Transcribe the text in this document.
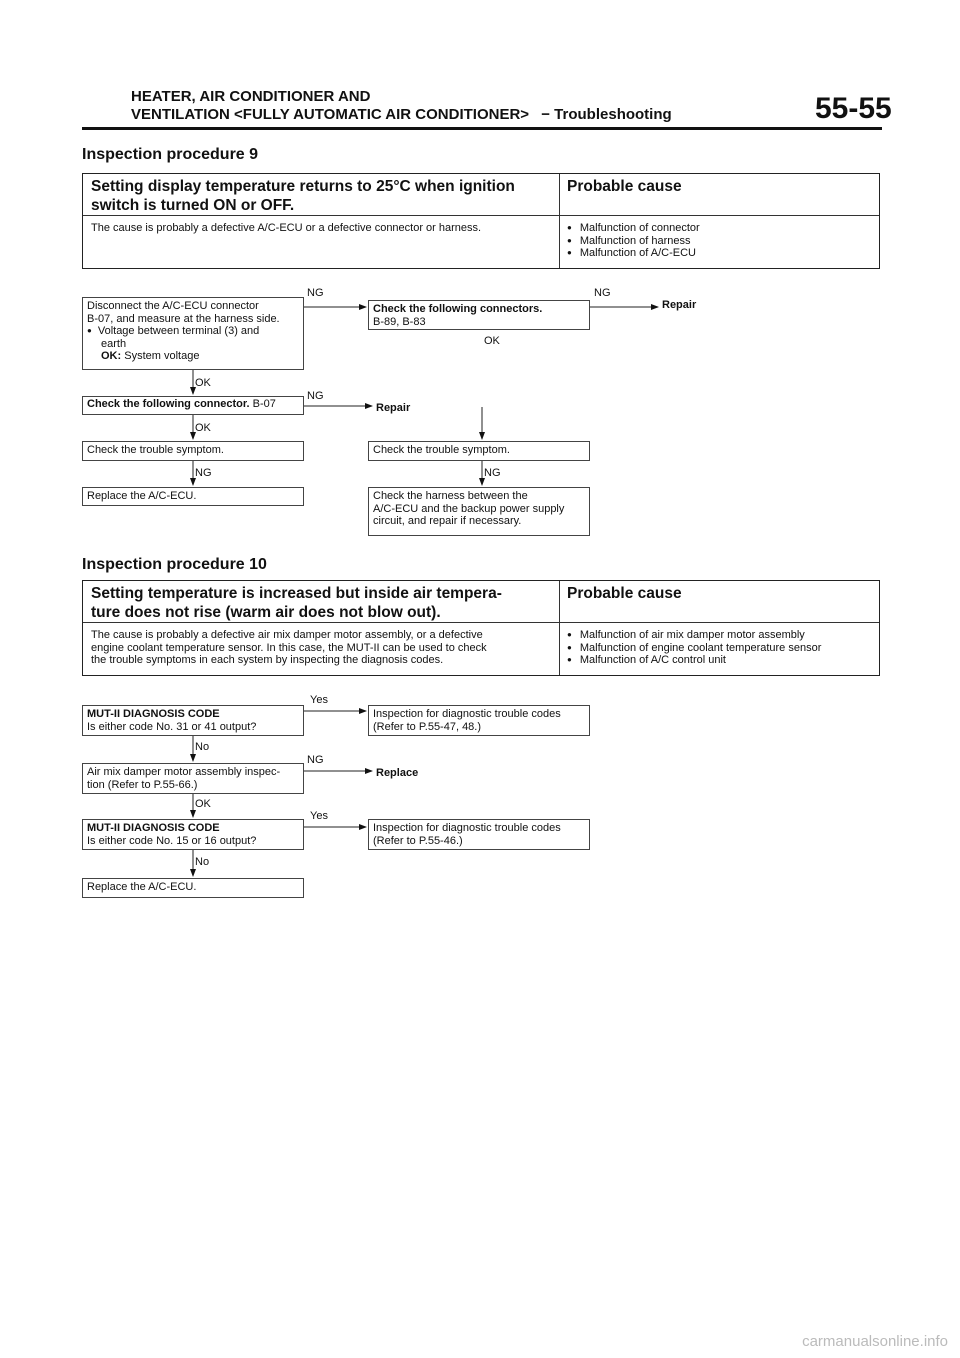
HEATER, AIR CONDITIONER AND
VENTILATION <FULLY AUTOMATIC AIR CONDITIONER> − Troubleshooting	55-55
Inspection procedure 9
Setting display temperature returns to 25°C when ignition
switch is turned ON or OFF.
Probable cause
The cause is probably a defective A/C-ECU or a defective connector or harness.
●	Malfunction of connector
● Malfunction of harness
● Malfunction of A/C-ECU
Disconnect the A/C-ECU connector
B-07, and measure at the harness side.
● Voltage between terminal (3) and
earth
OK: System voltage
Check the following connectors.
B-89, B-83
Check the following connector. B-07
Check the trouble symptom.	Check the trouble symptom.
Replace the A/C-ECU.	Check the harness between the
A/C-ECU and the backup power supply
circuit, and repair if necessary.
NG	NG
Repair
OK
OK
NG
Repair
OK
NG	NG
Inspection procedure 10
Setting temperature is increased but inside air tempera-
ture does not rise (warm air does not blow out).
Probable cause
The cause is probably a defective air mix damper motor assembly, or a defective
engine coolant temperature sensor. In this case, the MUT-II can be used to check
the trouble symptoms in each system by inspecting the diagnosis codes.
● Malfunction of air mix damper motor assembly
● Malfunction of engine coolant temperature sensor
● Malfunction of A/C control unit
MUT-II DIAGNOSIS CODE
Is either code No. 31 or 41 output?
Inspection for diagnostic trouble codes
(Refer to P.55-47, 48.)
Air mix damper motor assembly inspec-
tion (Refer to P.55-66.)
MUT-II DIAGNOSIS CODE
Is either code No. 15 or 16 output?
Inspection for diagnostic trouble codes
(Refer to P.55-46.)
Replace the A/C-ECU.
Yes
No
NG
Replace
OK
Yes
No
carmanualsonline.info
